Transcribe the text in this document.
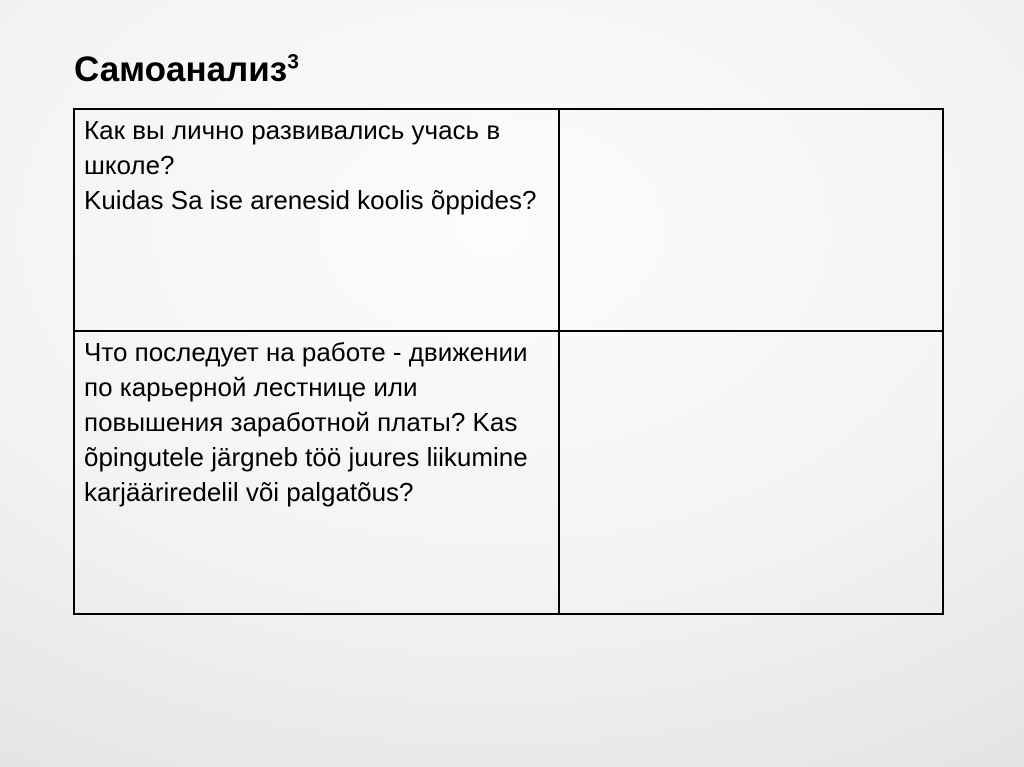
Самоанализ$^3$
Как вы лично развивались учась в школе?
Kuidas Sa ise arenesid koolis õppides?	

Что последует на работе - движении по карьерной лестнице или повышения заработной платы? Kas õpingutele järgneb töö juures liikumine karjääriredelil või palgatõus?	
